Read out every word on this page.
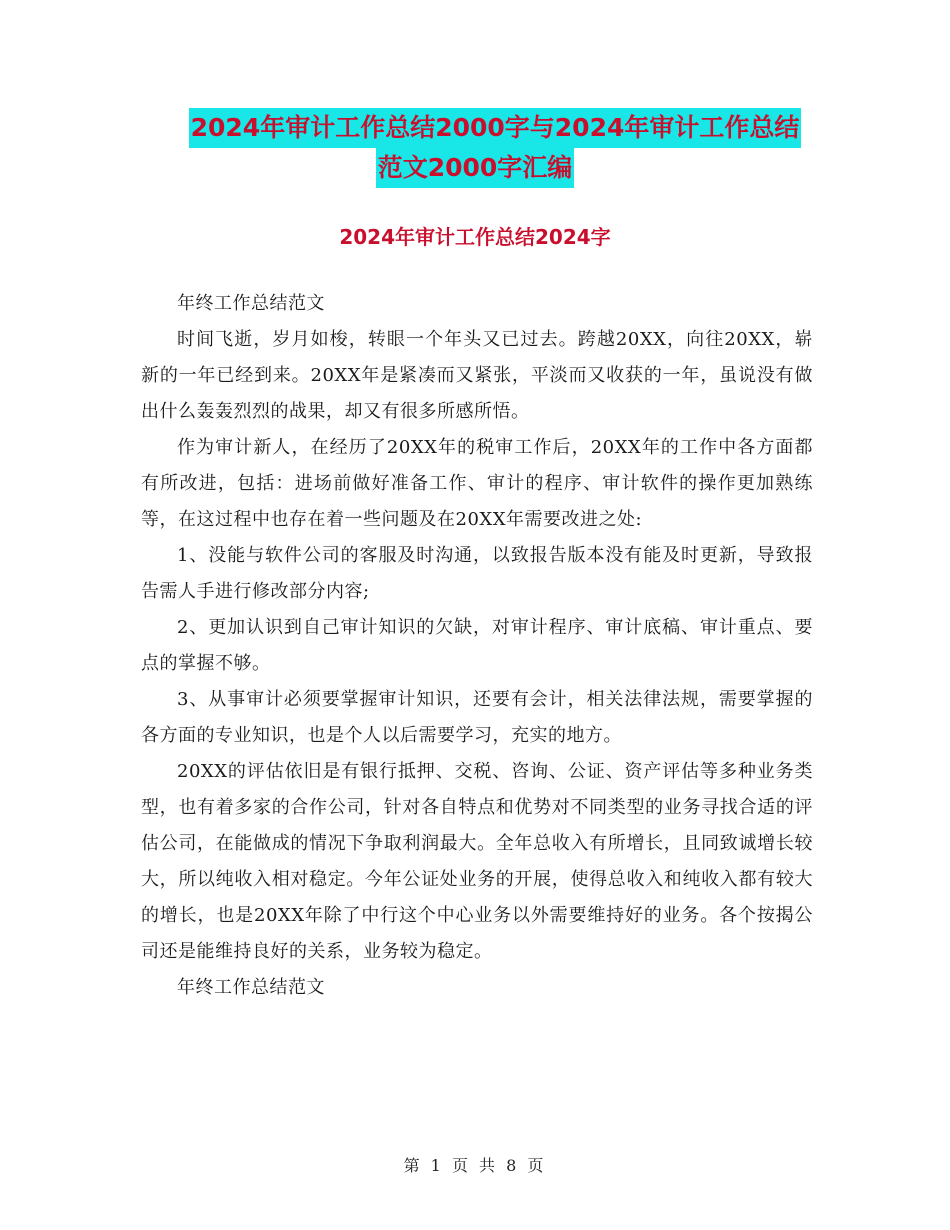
2024年审计工作总结2000字与2024年审计工作总结
范文2000字汇编
2024年审计工作总结2024字

年终工作总结范文

时间飞逝，岁月如梭，转眼一个年头又已过去。跨越20XX，向往20XX，崭新的一年已经到来。20XX年是紧凑而又紧张，平淡而又收获的一年，虽说没有做出什么轰轰烈烈的战果，却又有很多所感所悟。

作为审计新人，在经历了20XX年的税审工作后，20XX年的工作中各方面都有所改进，包括：进场前做好准备工作、审计的程序、审计软件的操作更加熟练等，在这过程中也存在着一些问题及在20XX年需要改进之处:

1、没能与软件公司的客服及时沟通，以致报告版本没有能及时更新，导致报告需人手进行修改部分内容;

2、更加认识到自己审计知识的欠缺，对审计程序、审计底稿、审计重点、要点的掌握不够。

3、从事审计必须要掌握审计知识，还要有会计，相关法律法规，需要掌握的各方面的专业知识，也是个人以后需要学习，充实的地方。

20XX的评估依旧是有银行抵押、交税、咨询、公证、资产评估等多种业务类型，也有着多家的合作公司，针对各自特点和优势对不同类型的业务寻找合适的评估公司，在能做成的情况下争取利润最大。全年总收入有所增长，且同致诚增长较大，所以纯收入相对稳定。今年公证处业务的开展，使得总收入和纯收入都有较大的增长，也是20XX年除了中行这个中心业务以外需要维持好的业务。各个按揭公司还是能维持良好的关系，业务较为稳定。

年终工作总结范文

第 1 页 共 8 页
